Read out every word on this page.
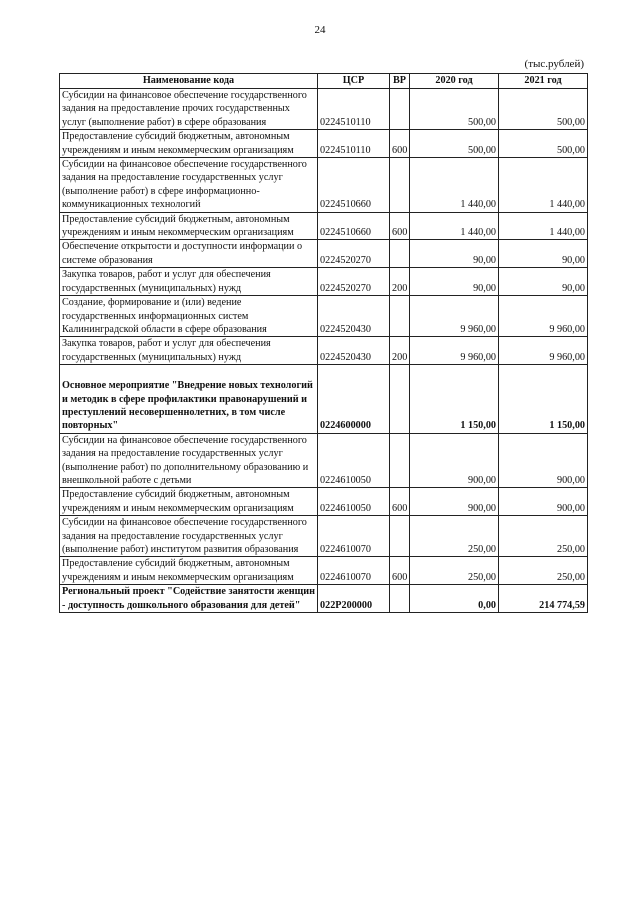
24
(тыс.рублей)
Наименование кода	ЦСР	ВР	2020 год	2021 год
Субсидии на финансовое обеспечение государственного задания на предоставление прочих государственных услуг (выполнение работ) в сфере образования	0224510110		500,00	500,00
Предоставление субсидий бюджетным, автономным учреждениям и иным некоммерческим организациям	0224510110	600	500,00	500,00
Субсидии на финансовое обеспечение государственного задания на предоставление государственных услуг (выполнение работ) в сфере информационно-коммуникационных технологий	0224510660		1 440,00	1 440,00
Предоставление субсидий бюджетным, автономным учреждениям и иным некоммерческим организациям	0224510660	600	1 440,00	1 440,00
Обеспечение открытости и доступности информации о системе образования	0224520270		90,00	90,00
Закупка товаров, работ и услуг для обеспечения государственных (муниципальных) нужд	0224520270	200	90,00	90,00
Создание, формирование и (или) ведение государственных информационных систем Калининградской области в сфере образования	0224520430		9 960,00	9 960,00
Закупка товаров, работ и услуг для обеспечения государственных (муниципальных) нужд	0224520430	200	9 960,00	9 960,00
Основное мероприятие "Внедрение новых технологий и методик в сфере профилактики правонарушений и преступлений несовершеннолетних, в том числе повторных"	0224600000		1 150,00	1 150,00
Субсидии на финансовое обеспечение государственного задания на предоставление государственных услуг (выполнение работ) по дополнительному образованию и внешкольной работе с детьми	0224610050		900,00	900,00
Предоставление субсидий бюджетным, автономным учреждениям и иным некоммерческим организациям	0224610050	600	900,00	900,00
Субсидии на финансовое обеспечение государственного задания на предоставление государственных услуг (выполнение работ) институтом развития образования	0224610070		250,00	250,00
Предоставление субсидий бюджетным, автономным учреждениям и иным некоммерческим организациям	0224610070	600	250,00	250,00
Региональный проект "Содействие занятости женщин - доступность дошкольного образования для детей"	022P200000		0,00	214 774,59
